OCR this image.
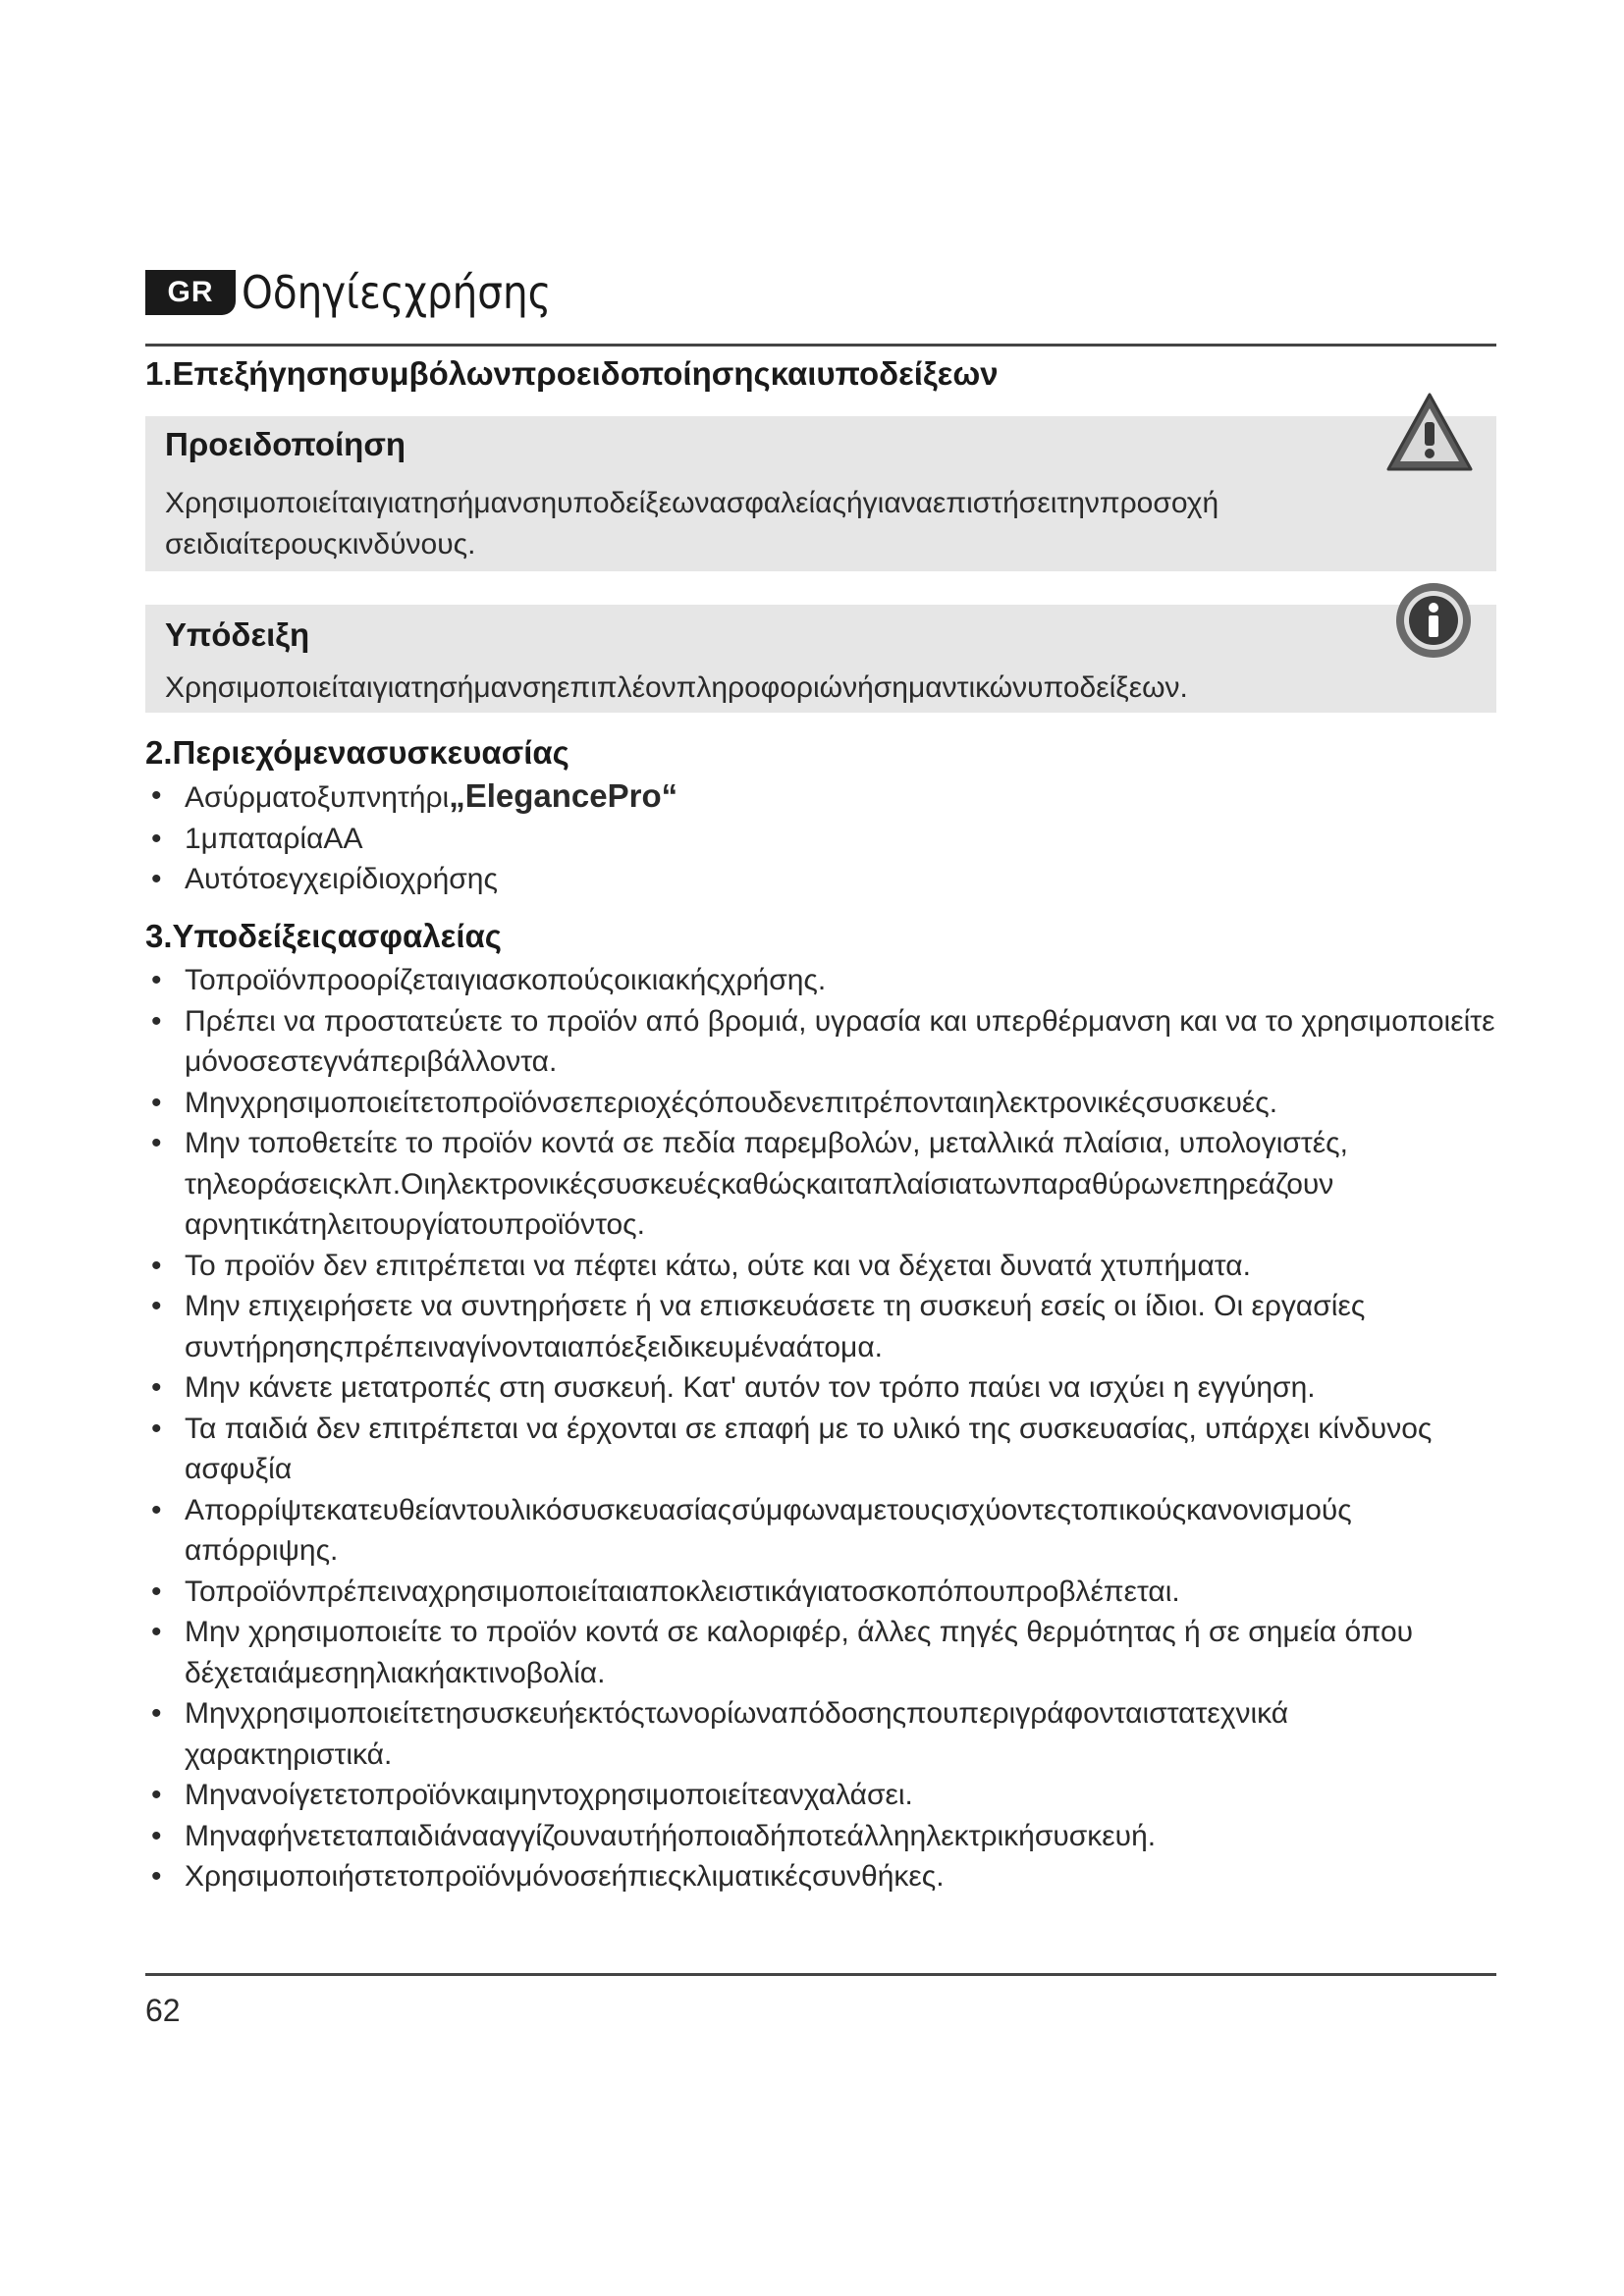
GR Οδηγίεςχρήσης
1.Επεξήγησησυμβόλωνπροειδοποίησηςκαιυποδείξεων
Προειδοποίηση
Χρησιμοποιείταιγιατησήμανσηυποδείξεωνασφαλείαςήγιαναεπιστήσειτηνπροσοχή σειδιαίτερουςκινδύνους.
Υπόδειξη
Χρησιμοποιείταιγιατησήμανσηεπιπλέονπληροφοριώνήσημαντικώνυποδείξεων.
2.Περιεχόμενασυσκευασίας
• Ασύρματοξυπνητήρι„ElegancePro“
• 1μπαταρίαAA
• Αυτότοεγχειρίδιοχρήσης
3.Υποδείξειςασφαλείας
• Τοπροϊόνπροορίζεταιγιασκοπούςοικιακήςχρήσης.
• Πρέπει να προστατεύετε το προϊόν από βρομιά, υγρασία και υπερθέρμανση και να το χρησιμοποιείτε μόνοσεστεγνάπεριβάλλοντα.
• Μηνχρησιμοποιείτετοπροϊόνσεπεριοχέςόπουδενεπιτρέπονταιηλεκτρονικέςσυσκευές.
• Μην τοποθετείτε το προϊόν κοντά σε πεδία παρεμβολών, μεταλλικά πλαίσια, υπολογιστές, τηλεοράσειςκλπ.Οιηλεκτρονικέςσυσκευέςκαθώςκαιταπλαίσιατωνπαραθύρωνεπηρεάζουν αρνητικάτηλειτουργίατουπροϊόντος.
• Το προϊόν δεν επιτρέπεται να πέφτει κάτω, ούτε και να δέχεται δυνατά χτυπήματα.
• Μην επιχειρήσετε να συντηρήσετε ή να επισκευάσετε τη συσκευή εσείς οι ίδιοι. Οι εργασίες συντήρησηςπρέπειναγίνονταιαπόεξειδικευμέναάτομα.
• Μην κάνετε μετατροπές στη συσκευή. Κατ' αυτόν τον τρόπο παύει να ισχύει η εγγύηση.
• Τα παιδιά δεν επιτρέπεται να έρχονται σε επαφή με το υλικό της συσκευασίας, υπάρχει κίνδυνος ασφυξία
• Απορρίψτεκατευθείαντουλικόσυσκευασίαςσύμφωναμετουςισχύοντεςτοπικούςκανονισμούς απόρριψης.
• Τοπροϊόνπρέπειναχρησιμοποιείταιαποκλειστικάγιατοσκοπόπουπροβλέπεται.
• Μην χρησιμοποιείτε το προϊόν κοντά σε καλοριφέρ, άλλες πηγές θερμότητας ή σε σημεία όπου δέχεταιάμεσηηλιακήακτινοβολία.
• Μηνχρησιμοποιείτετησυσκευήεκτόςτωνορίωναπόδοσηςπουπεριγράφονταιστατεχνικά χαρακτηριστικά.
• Μηνανοίγετετοπροϊόνκαιμηντοχρησιμοποιείτεανχαλάσει.
• Μηναφήνετεταπαιδιάνααγγίζουναυτήήοποιαδήποτεάλληηλεκτρικήσυσκευή.
• Χρησιμοποιήστετοπροϊόνμόνοσεήπιεςκλιματικέςσυνθήκες.
62
